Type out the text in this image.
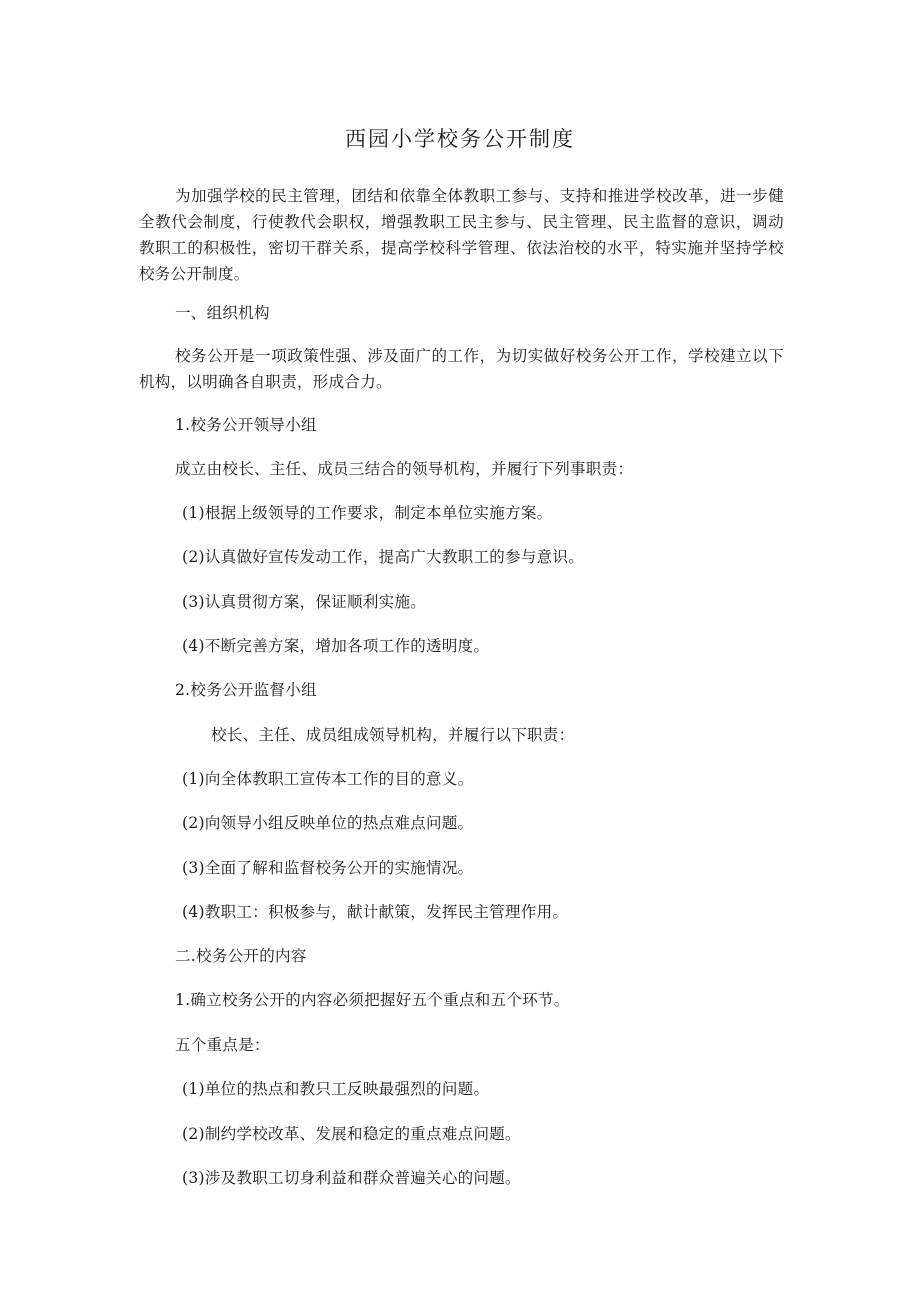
西园小学校务公开制度
为加强学校的民主管理，团结和依靠全体教职工参与、支持和推进学校改革，进一步健全教代会制度，行使教代会职权，增强教职工民主参与、民主管理、民主监督的意识，调动教职工的积极性，密切干群关系，提高学校科学管理、依法治校的水平，特实施并坚持学校校务公开制度。
一、组织机构
校务公开是一项政策性强、涉及面广的工作，为切实做好校务公开工作，学校建立以下机构，以明确各自职责，形成合力。
1.校务公开领导小组
成立由校长、主任、成员三结合的领导机构，并履行下列事职责：
(1)根据上级领导的工作要求，制定本单位实施方案。
(2)认真做好宣传发动工作，提高广大教职工的参与意识。
(3)认真贯彻方案，保证顺利实施。
(4)不断完善方案，增加各项工作的透明度。
2.校务公开监督小组
校长、主任、成员组成领导机构，并履行以下职责：
(1)向全体教职工宣传本工作的目的意义。
(2)向领导小组反映单位的热点难点问题。
(3)全面了解和监督校务公开的实施情况。
(4)教职工：积极参与，献计献策，发挥民主管理作用。
二.校务公开的内容
1.确立校务公开的内容必须把握好五个重点和五个环节。
五个重点是：
(1)单位的热点和教只工反映最强烈的问题。
(2)制约学校改革、发展和稳定的重点难点问题。
(3)涉及教职工切身利益和群众普遍关心的问题。
